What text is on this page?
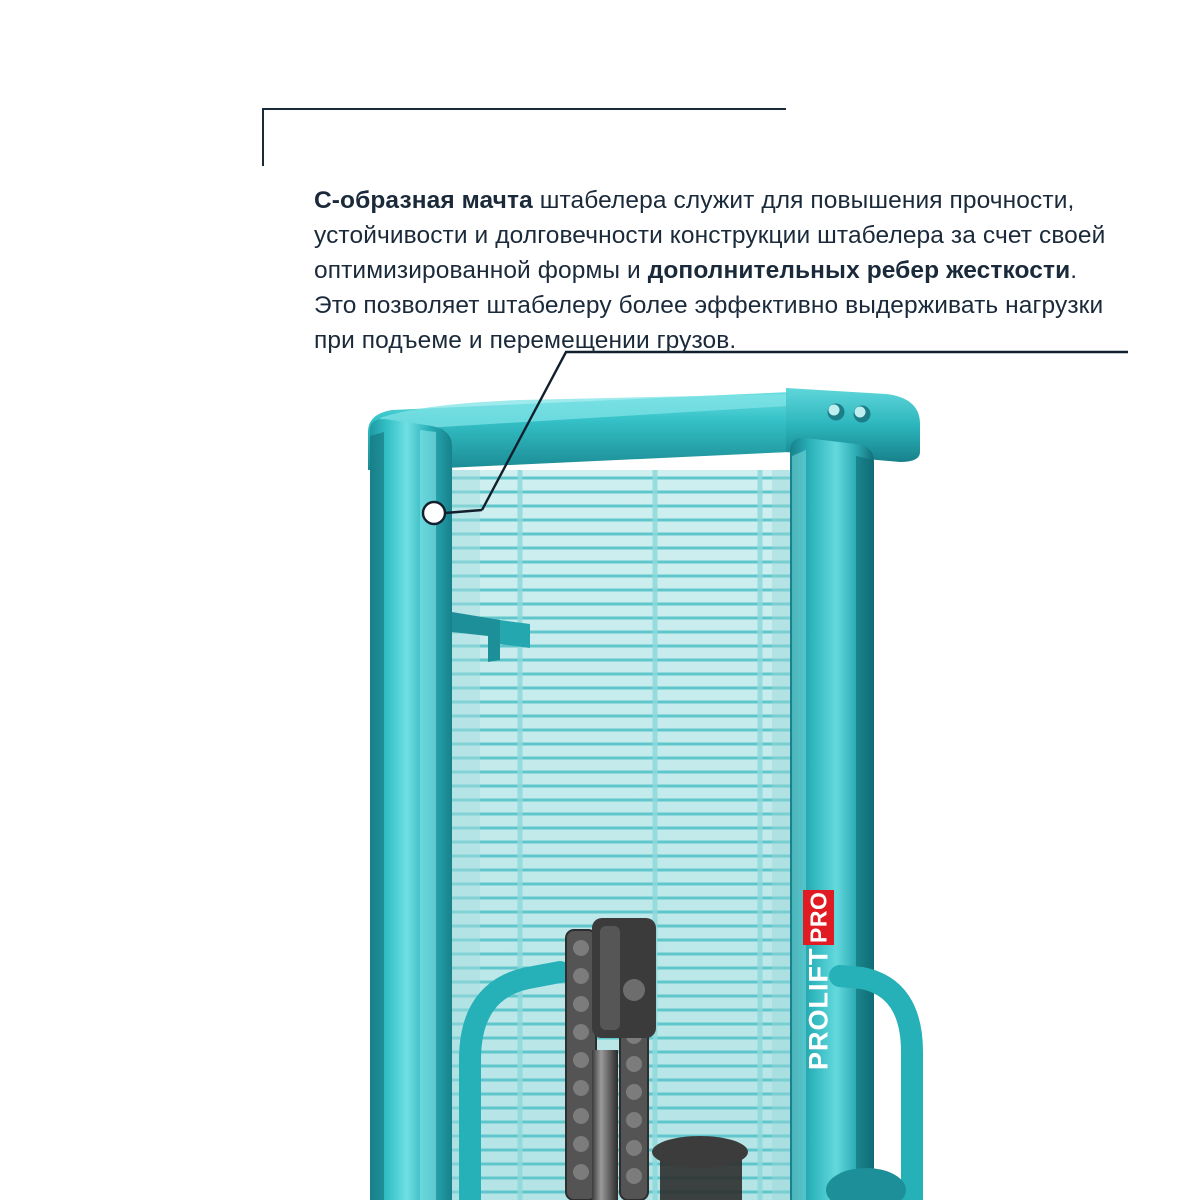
PROLIFT
PRO

C-образная мачта штабелера служит для повышения прочности, устойчивости и долговечности конструкции штабелера за счет своей оптимизированной формы и дополнительных ребер жесткости. Это позволяет штабелеру более эффективно выдерживать нагрузки при подъеме и перемещении грузов.
